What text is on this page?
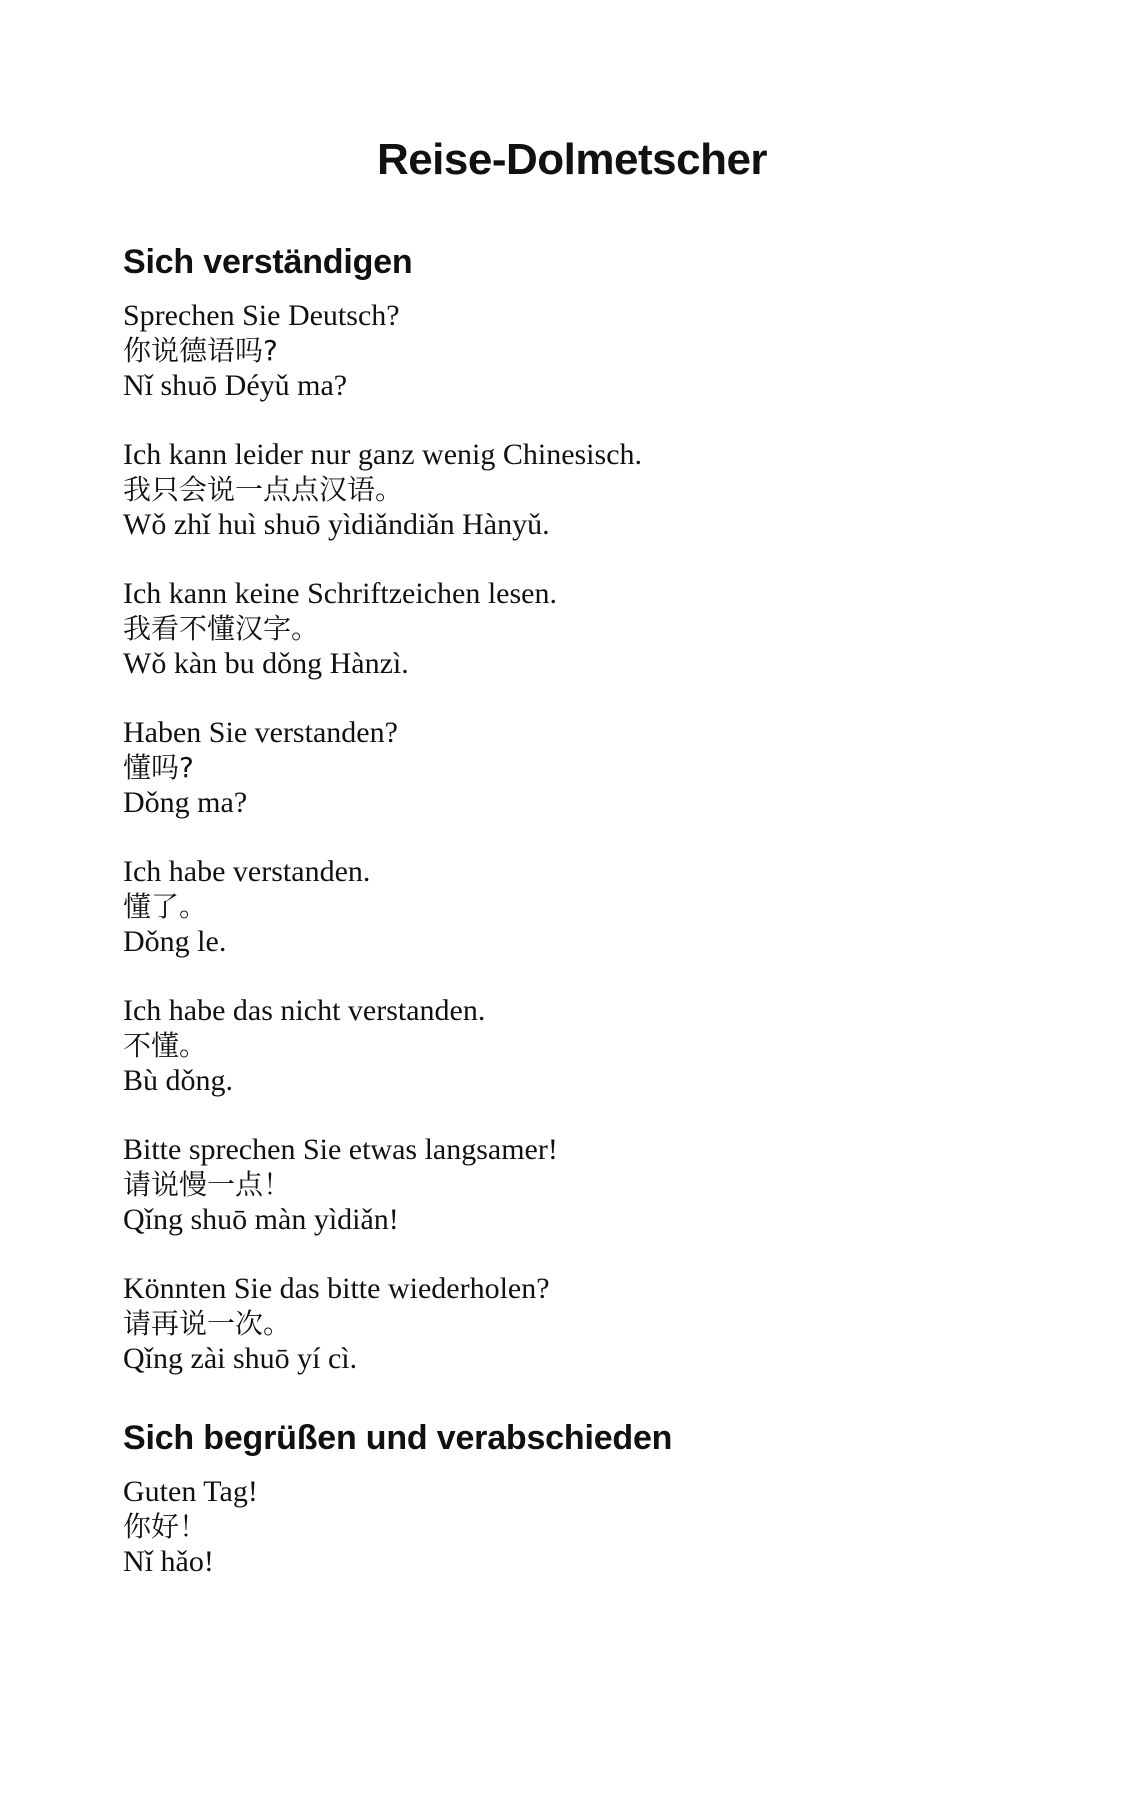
Reise-Dolmetscher
Sich verständigen

Sprechen Sie Deutsch?

你说德语吗?

Nǐ shuō Déyǔ ma?

Ich kann leider nur ganz wenig Chinesisch.

我只会说一点点汉语。

Wǒ zhǐ huì shuō yìdiǎndiǎn Hànyǔ.

Ich kann keine Schriftzeichen lesen.

我看不懂汉字。

Wǒ kàn bu dǒng Hànzì.

Haben Sie verstanden?

懂吗?

Dǒng ma?

Ich habe verstanden.

懂了。

Dǒng le.

Ich habe das nicht verstanden.

不懂。

Bù dǒng.

Bitte sprechen Sie etwas langsamer!

请说慢一点！

Qǐng shuō màn yìdiǎn!

Könnten Sie das bitte wiederholen?

请再说一次。

Qǐng zài shuō yí cì.

Sich begrüßen und verabschieden

Guten Tag!

你好！

Nǐ hǎo!
